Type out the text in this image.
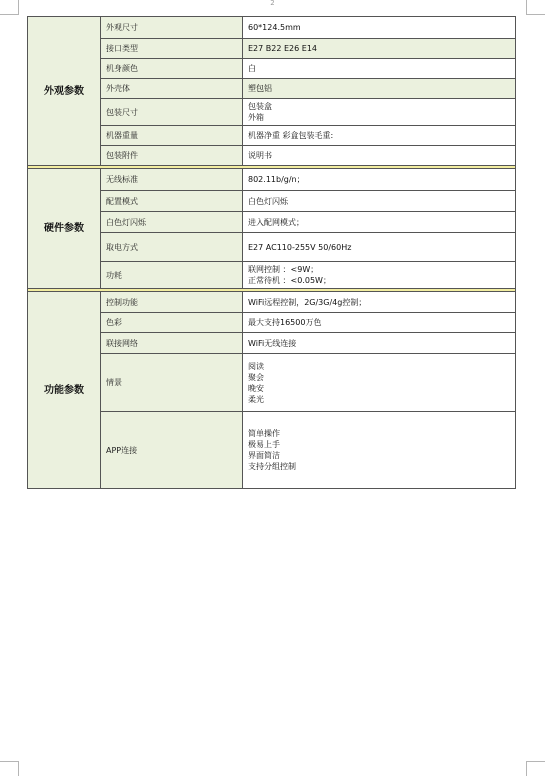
2
外观参数	外观尺寸	60*124.5mm

	接口类型	E27 B22 E26 E14

	机身颜色	白

	外壳体	塑包铝

	包装尺寸	包装盒
外箱

	机器重量	机器净重 彩盒包装毛重:

	包装附件	说明书

硬件参数	无线标准	802.11b/g/n；

	配置模式	白色灯闪烁

	白色灯闪烁	进入配网模式；

	取电方式	E27 AC110-255V 50/60Hz

	功耗	联网控制 ：<9W；
正常待机 ：<0.05W；

功能参数	控制功能	WiFi远程控制，2G/3G/4g控制；

	色彩	最大支持16500万色

	联接网络	WiFi无线连接

	情景	阅读
聚会
晚安
柔光

	APP连接	简单操作
极易上手
界面简洁
支持分组控制
